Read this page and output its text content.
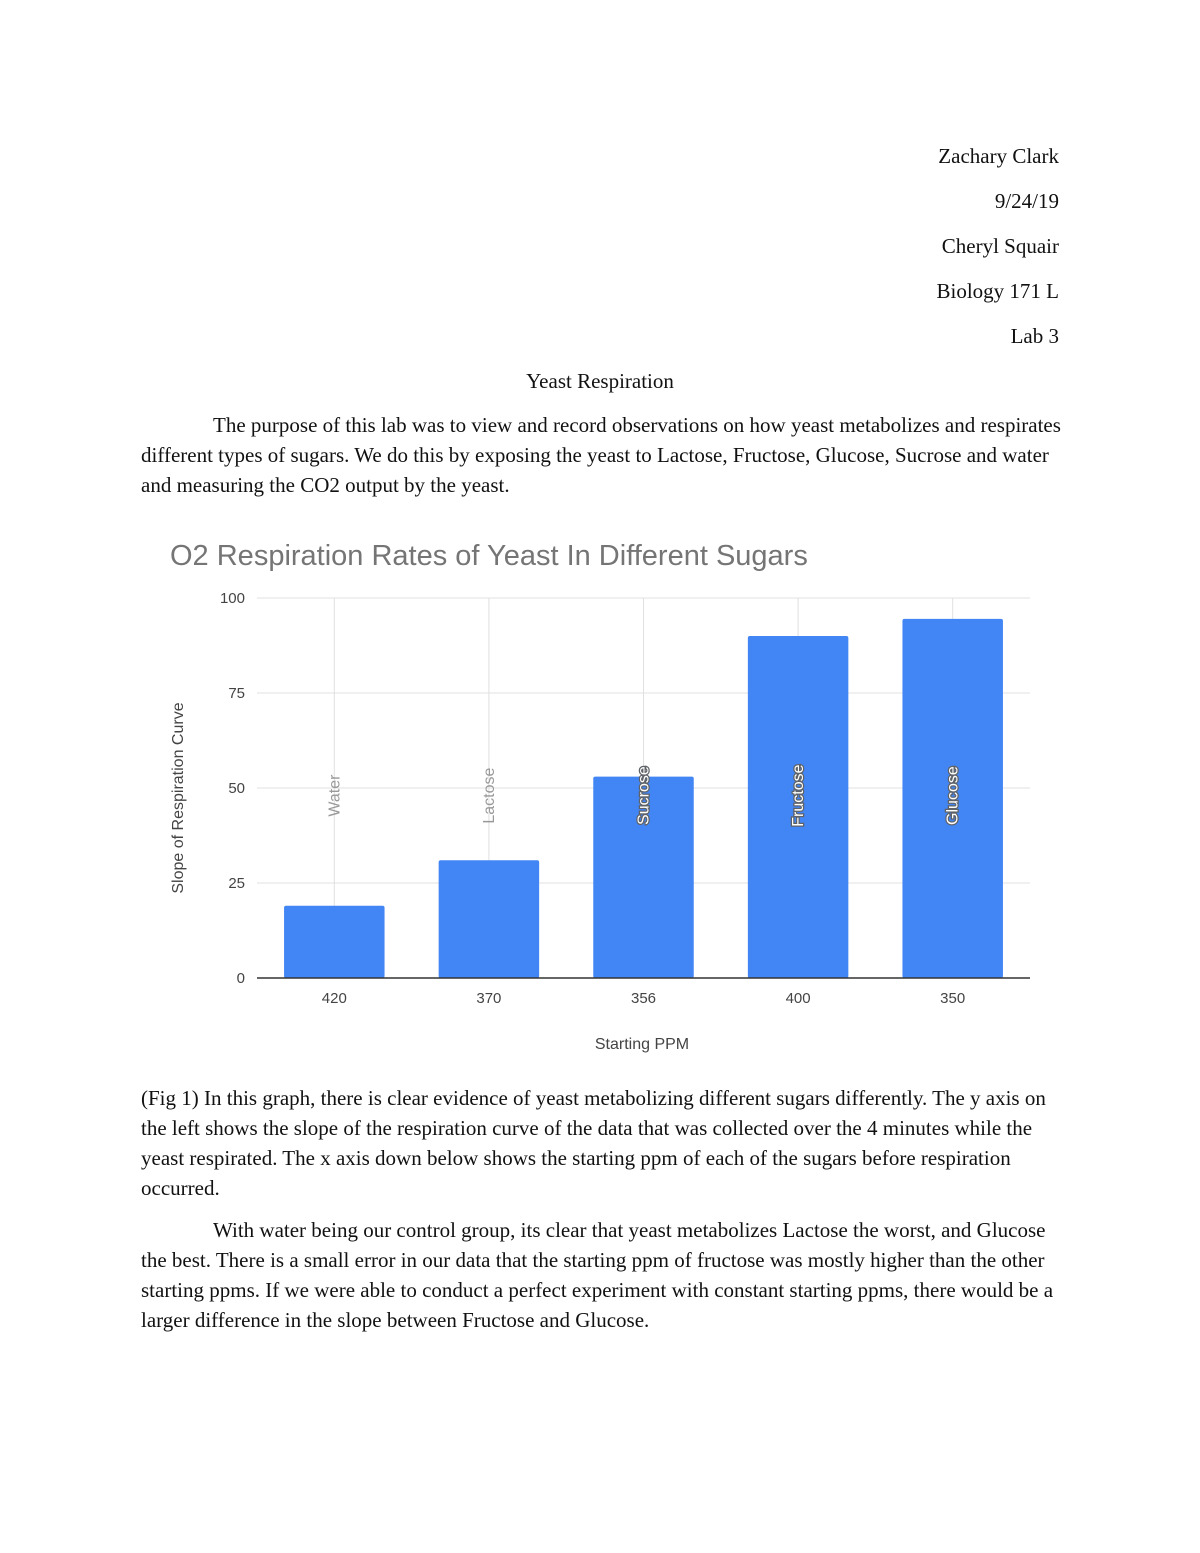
Zachary Clark
9/24/19
Cheryl Squair
Biology 171 L
Lab 3
Yeast Respiration

The purpose of this lab was to view and record observations on how yeast metabolizes and respirates different types of sugars. We do this by exposing the yeast to Lactose, Fructose, Glucose, Sucrose and water and measuring the CO2 output by the yeast.

O2 Respiration Rates of Yeast In Different Sugars
Water	Lactose	Sucrose	Fructose	Glucose
0
25
50
75
100
420	370	356	400	350
Slope of Respiration Curve
Starting PPM

(Fig 1) In this graph, there is clear evidence of yeast metabolizing different sugars differently. The y axis on the left shows the slope of the respiration curve of the data that was collected over the 4 minutes while the yeast respirated. The x axis down below shows the starting ppm of each of the sugars before respiration occurred.

With water being our control group, its clear that yeast metabolizes Lactose the worst, and Glucose the best. There is a small error in our data that the starting ppm of fructose was mostly higher than the other starting ppms. If we were able to conduct a perfect experiment with constant starting ppms, there would be a larger difference in the slope between Fructose and Glucose.
